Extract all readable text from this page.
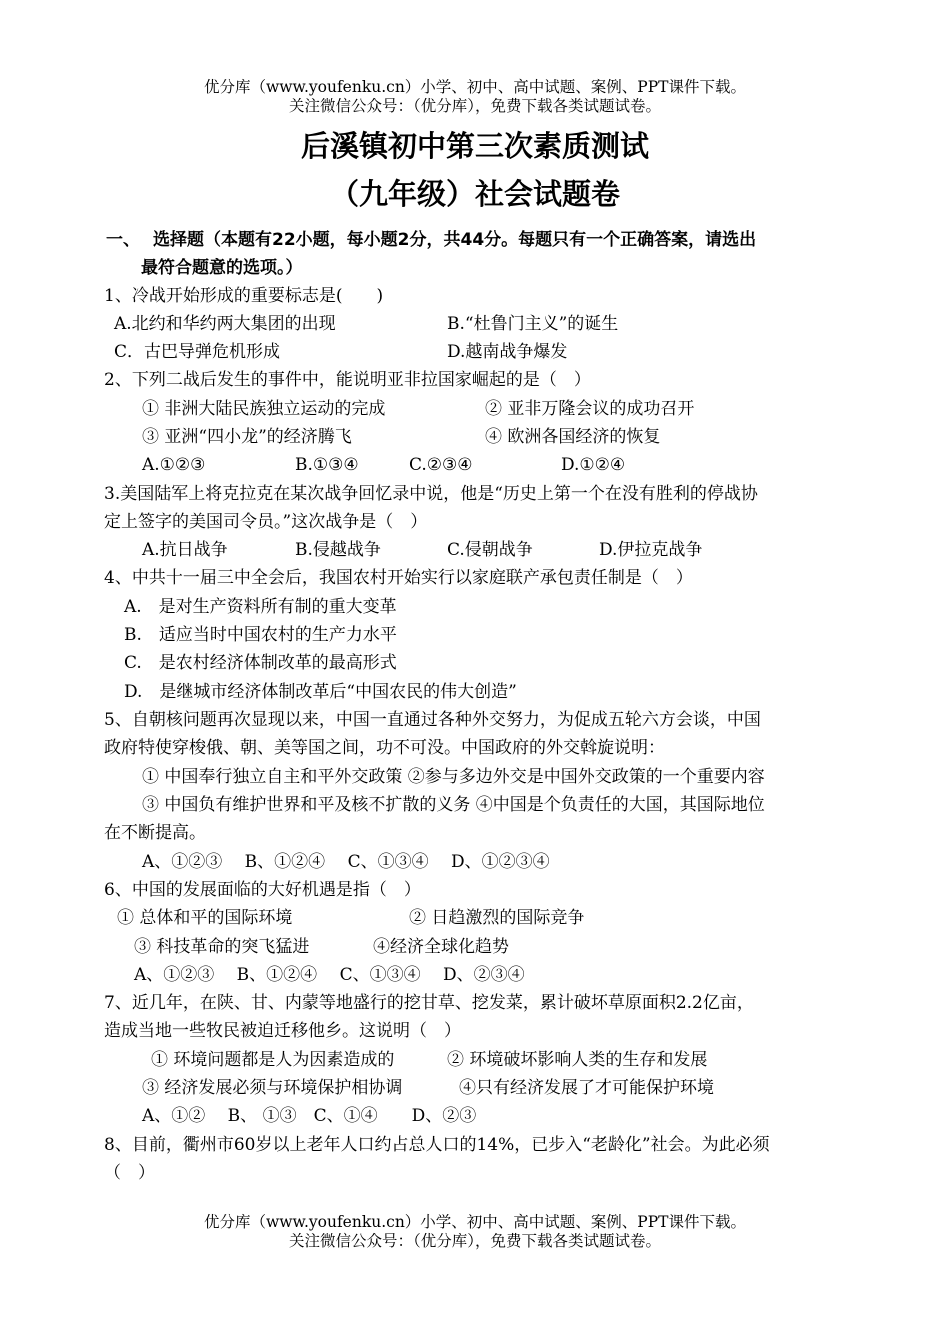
优分库（www.youfenku.cn）小学、初中、高中试题、案例、PPT课件下载。
关注微信公众号：（优分库），免费下载各类试题试卷。
后溪镇初中第三次素质测试
（九年级）社会试题卷
一、 选择题（本题有22小题，每小题2分，共44分。每题只有一个正确答案，请选出
最符合题意的选项。）
1、冷战开始形成的重要标志是(　　)
A.北约和华约两大集团的出现	B.“杜鲁门主义”的诞生
C．古巴导弹危机形成	D.越南战争爆发
2、下列二战后发生的事件中，能说明亚非拉国家崛起的是（　）
① 非洲大陆民族独立运动的完成	② 亚非万隆会议的成功召开
③ 亚洲“四小龙”的经济腾飞	④ 欧洲各国经济的恢复
A.①②③	B.①③④	C.②③④	D.①②④
3.美国陆军上将克拉克在某次战争回忆录中说，他是“历史上第一个在没有胜利的停战协
定上签字的美国司令员。”这次战争是（　）
A.抗日战争	B.侵越战争	C.侵朝战争	D.伊拉克战争
4、中共十一届三中全会后，我国农村开始实行以家庭联产承包责任制是（　）
A.　是对生产资料所有制的重大变革
B.　适应当时中国农村的生产力水平
C.　是农村经济体制改革的最高形式
D.　是继城市经济体制改革后“中国农民的伟大创造”
5、自朝核问题再次显现以来，中国一直通过各种外交努力，为促成五轮六方会谈，中国
政府特使穿梭俄、朝、美等国之间，功不可没。中国政府的外交斡旋说明：
① 中国奉行独立自主和平外交政策 ②参与多边外交是中国外交政策的一个重要内容
③ 中国负有维护世界和平及核不扩散的义务 ④中国是个负责任的大国，其国际地位
在不断提高。
A、①②③　 B、①②④　 C、①③④　 D、①②③④
6、中国的发展面临的大好机遇是指（　）
① 总体和平的国际环境	② 日趋激烈的国际竞争
③ 科技革命的突飞猛进	④经济全球化趋势
A、①②③　 B、①②④　 C、①③④　 D、②③④
7、近几年，在陕、甘、内蒙等地盛行的挖甘草、挖发菜，累计破坏草原面积2.2亿亩，
造成当地一些牧民被迫迁移他乡。这说明（　）
① 环境问题都是人为因素造成的	② 环境破坏影响人类的生存和发展
③ 经济发展必须与环境保护相协调	④只有经济发展了才可能保护环境
A、①②　 B、 ①③　C、①④　　D、②③
8、目前，衢州市60岁以上老年人口约占总人口的14%，已步入“老龄化”社会。为此必须
（　）
优分库（www.youfenku.cn）小学、初中、高中试题、案例、PPT课件下载。
关注微信公众号：（优分库），免费下载各类试题试卷。
